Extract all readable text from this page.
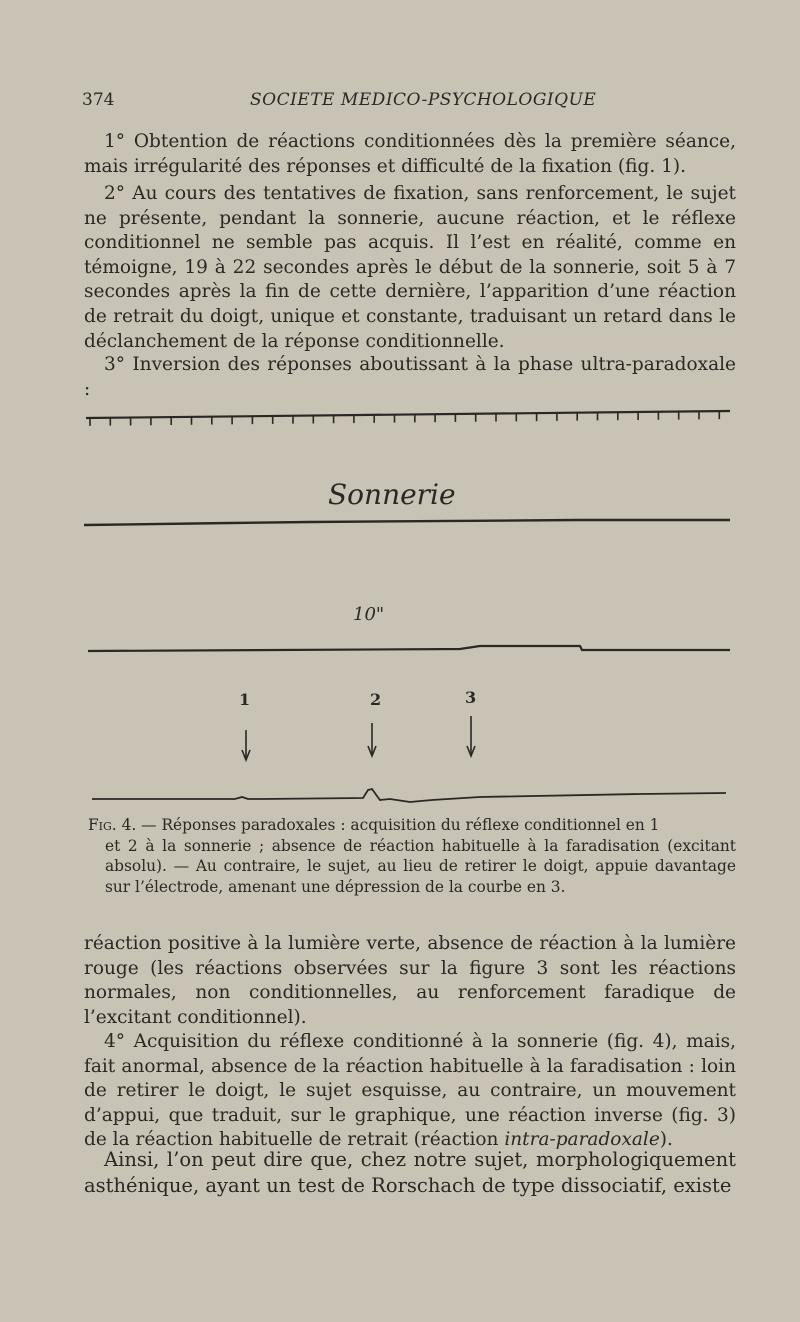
374	SOCIETE MEDICO-PSYCHOLOGIQUE

1° Obtention de réactions conditionnées dès la première séance, mais irrégularité des réponses et difficulté de la fixation (fig. 1).

2° Au cours des tentatives de fixation, sans renforcement, le sujet ne présente, pendant la sonnerie, aucune réaction, et le réflexe conditionnel ne semble pas acquis. Il l’est en réalité, comme en témoigne, 19 à 22 secondes après le début de la sonnerie, soit 5 à 7 secondes après la fin de cette dernière, l’apparition d’une réaction de retrait du doigt, unique et constante, traduisant un retard dans le déclanchement de la réponse conditionnelle.

3° Inversion des réponses aboutissant à la phase ultra-paradoxale :

Sonnerie
10"
1	2	3

Fig. 4. — Réponses paradoxales : acquisition du réflexe conditionnel en 1
et 2 à la sonnerie ; absence de réaction habituelle à la faradisation (excitant absolu). — Au contraire, le sujet, au lieu de retirer le doigt, appuie davantage sur l’électrode, amenant une dépression de la courbe en 3.

réaction positive à la lumière verte, absence de réaction à la lumière rouge (les réactions observées sur la figure 3 sont les réactions normales, non conditionnelles, au renforcement faradique de l’excitant conditionnel).

4° Acquisition du réflexe conditionné à la sonnerie (fig. 4), mais, fait anormal, absence de la réaction habituelle à la faradisation : loin de retirer le doigt, le sujet esquisse, au contraire, un mouvement d’appui, que traduit, sur le graphique, une réaction inverse (fig. 3) de la réaction habituelle de retrait (réaction intra-paradoxale).

Ainsi, l’on peut dire que, chez notre sujet, morphologiquement asthénique, ayant un test de Rorschach de type dissociatif, existe
